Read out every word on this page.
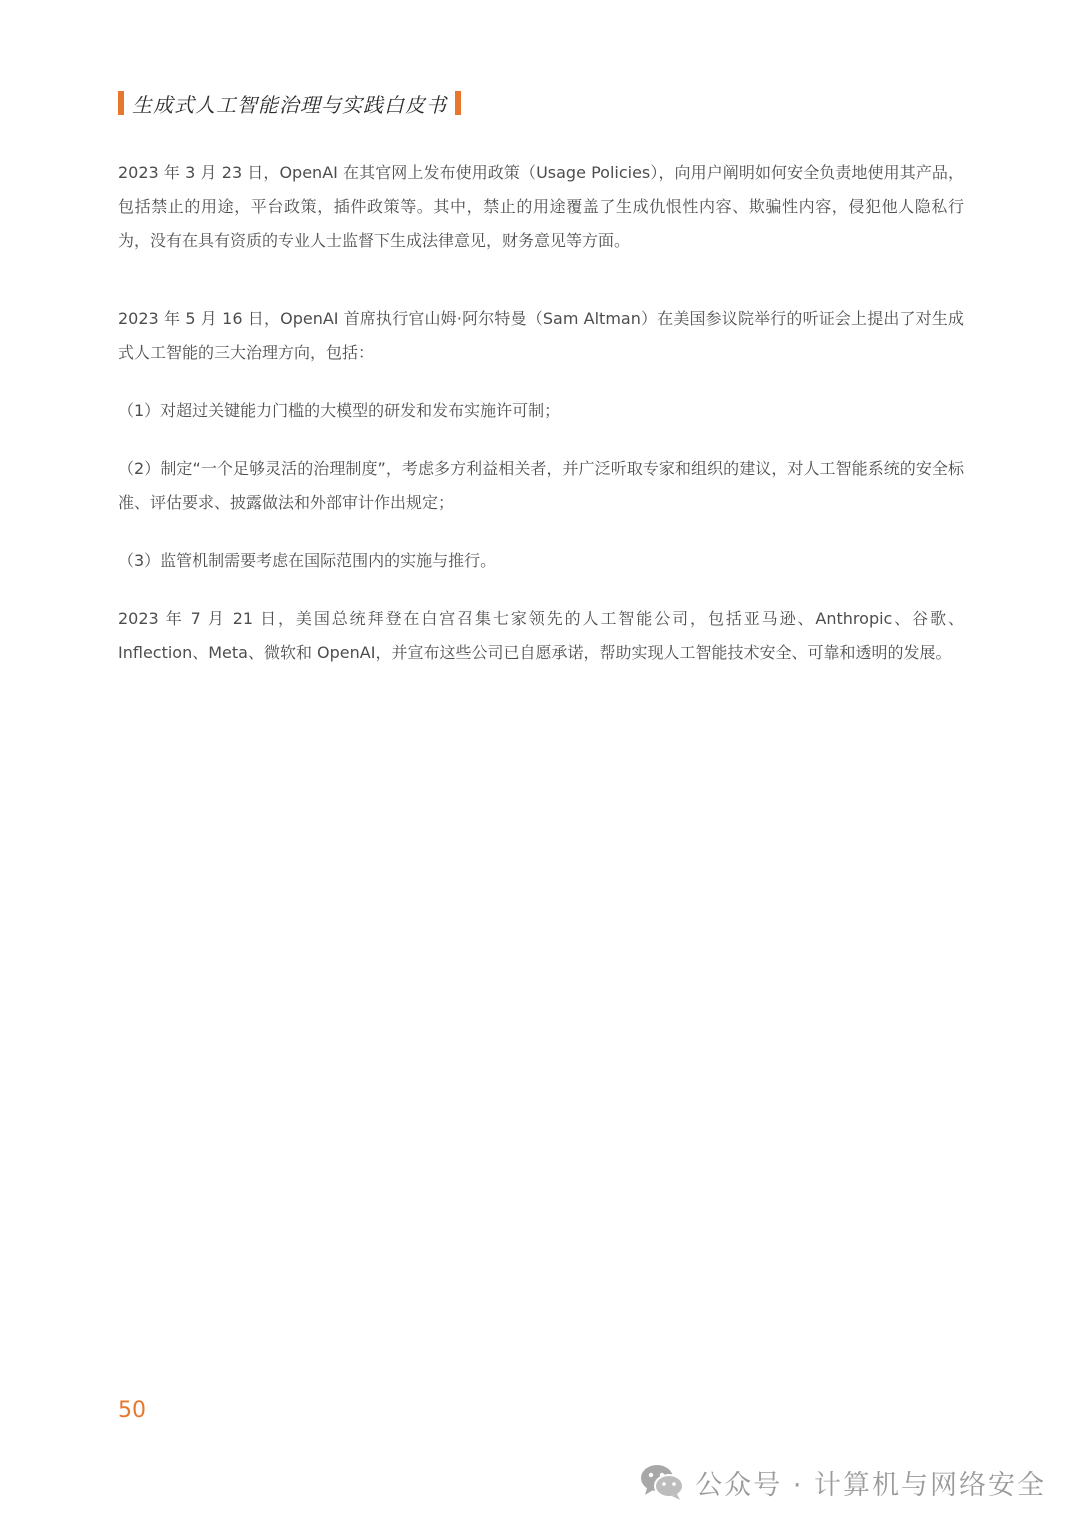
生成式人工智能治理与实践白皮书

2023 年 3 月 23 日，OpenAI 在其官网上发布使用政策（Usage Policies），向用户阐明如何安全负责地使用其产品，包括禁止的用途，平台政策，插件政策等。其中，禁止的用途覆盖了生成仇恨性内容、欺骗性内容，侵犯他人隐私行为，没有在具有资质的专业人士监督下生成法律意见，财务意见等方面。

2023 年 5 月 16 日，OpenAI 首席执行官山姆·阿尔特曼（Sam Altman）在美国参议院举行的听证会上提出了对生成式人工智能的三大治理方向，包括：

（1）对超过关键能力门槛的大模型的研发和发布实施许可制；

（2）制定“一个足够灵活的治理制度”，考虑多方利益相关者，并广泛听取专家和组织的建议，对人工智能系统的安全标准、评估要求、披露做法和外部审计作出规定；

（3）监管机制需要考虑在国际范围内的实施与推行。

2023 年 7 月 21 日，美国总统拜登在白宫召集七家领先的人工智能公司，包括亚马逊、Anthropic、谷歌、Inflection、Meta、微软和 OpenAI，并宣布这些公司已自愿承诺，帮助实现人工智能技术安全、可靠和透明的发展。

50
公众号 · 计算机与网络安全
